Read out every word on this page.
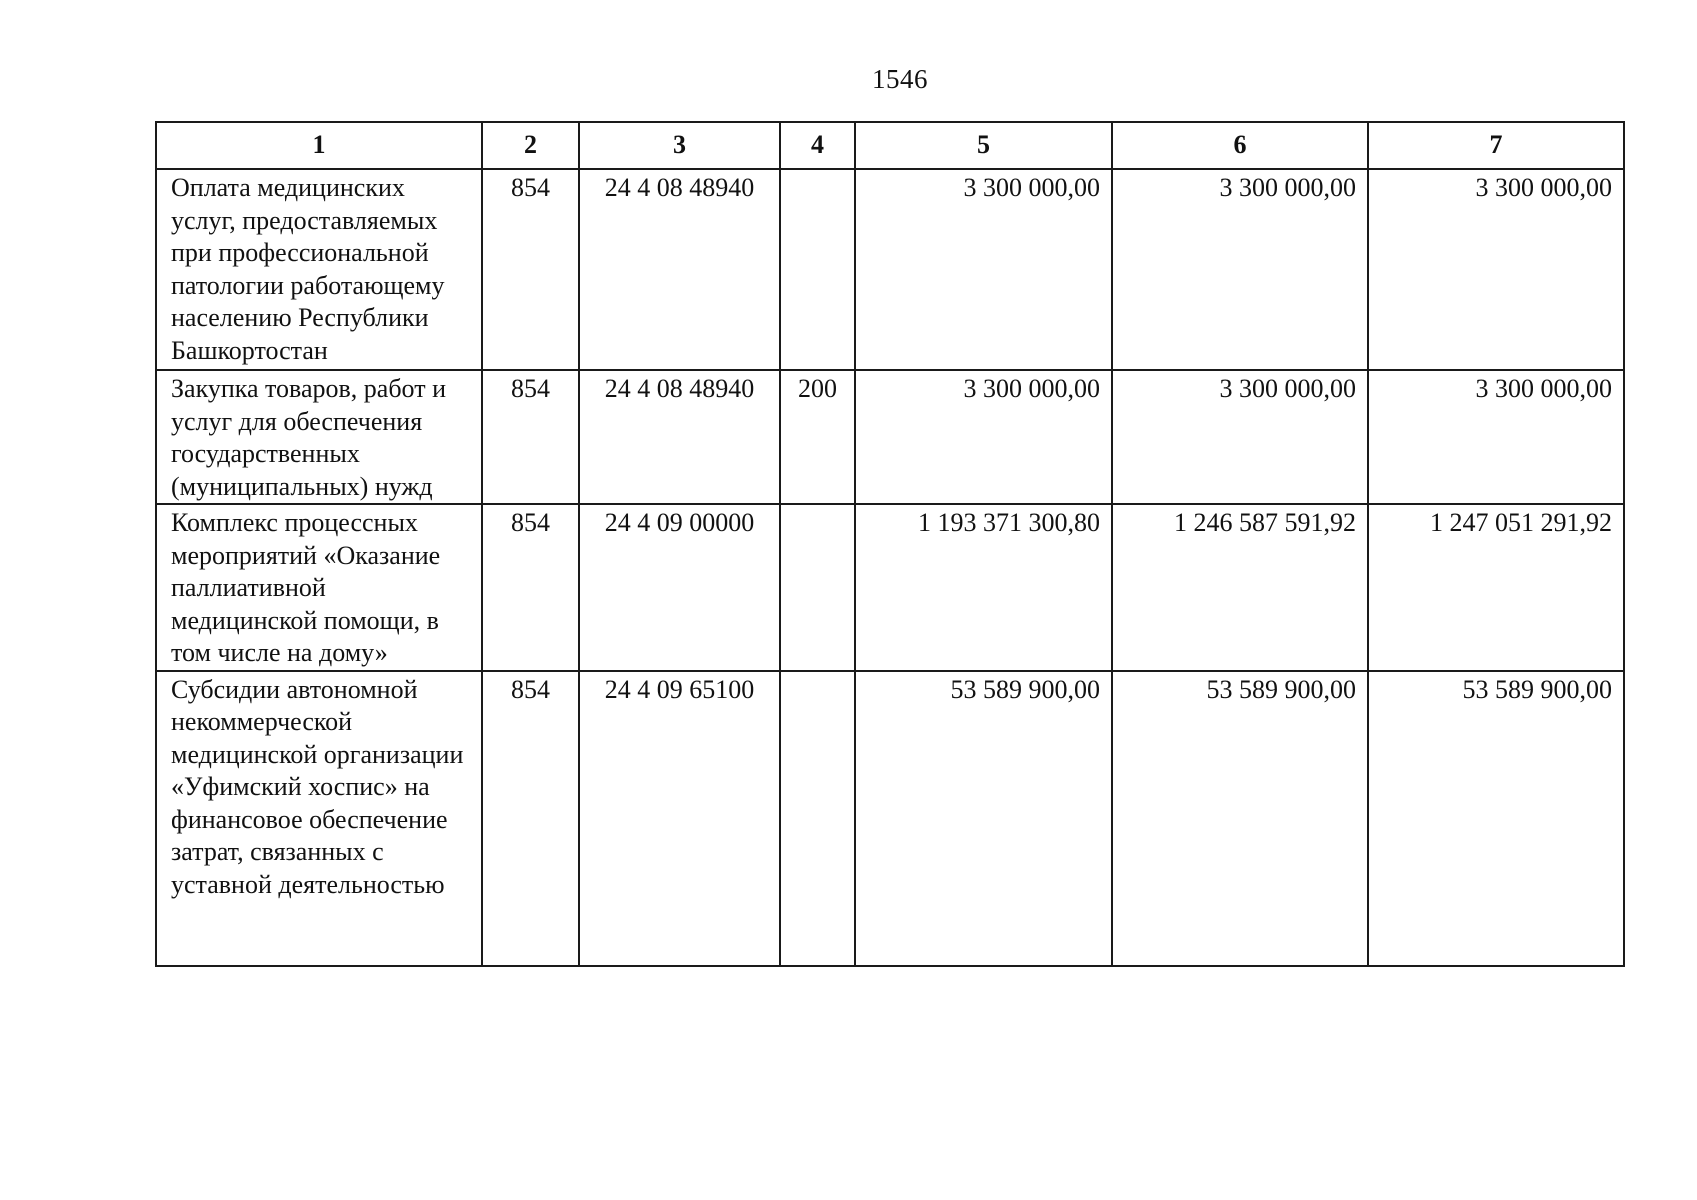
1546
1	2	3	4	5	6	7
Оплата медицинских услуг, предоставляемых при профессиональной патологии работающему населению Республики Башкортостан	854	24 4 08 48940		3 300 000,00	3 300 000,00	3 300 000,00
Закупка товаров, работ и услуг для обеспечения государственных (муниципальных) нужд	854	24 4 08 48940	200	3 300 000,00	3 300 000,00	3 300 000,00
Комплекс процессных мероприятий «Оказание паллиативной медицинской помощи, в том числе на дому»	854	24 4 09 00000		1 193 371 300,80	1 246 587 591,92	1 247 051 291,92
Субсидии автономной некоммерческой медицинской организации «Уфимский хоспис» на финансовое обеспечение затрат, связанных с уставной деятельностью	854	24 4 09 65100		53 589 900,00	53 589 900,00	53 589 900,00
